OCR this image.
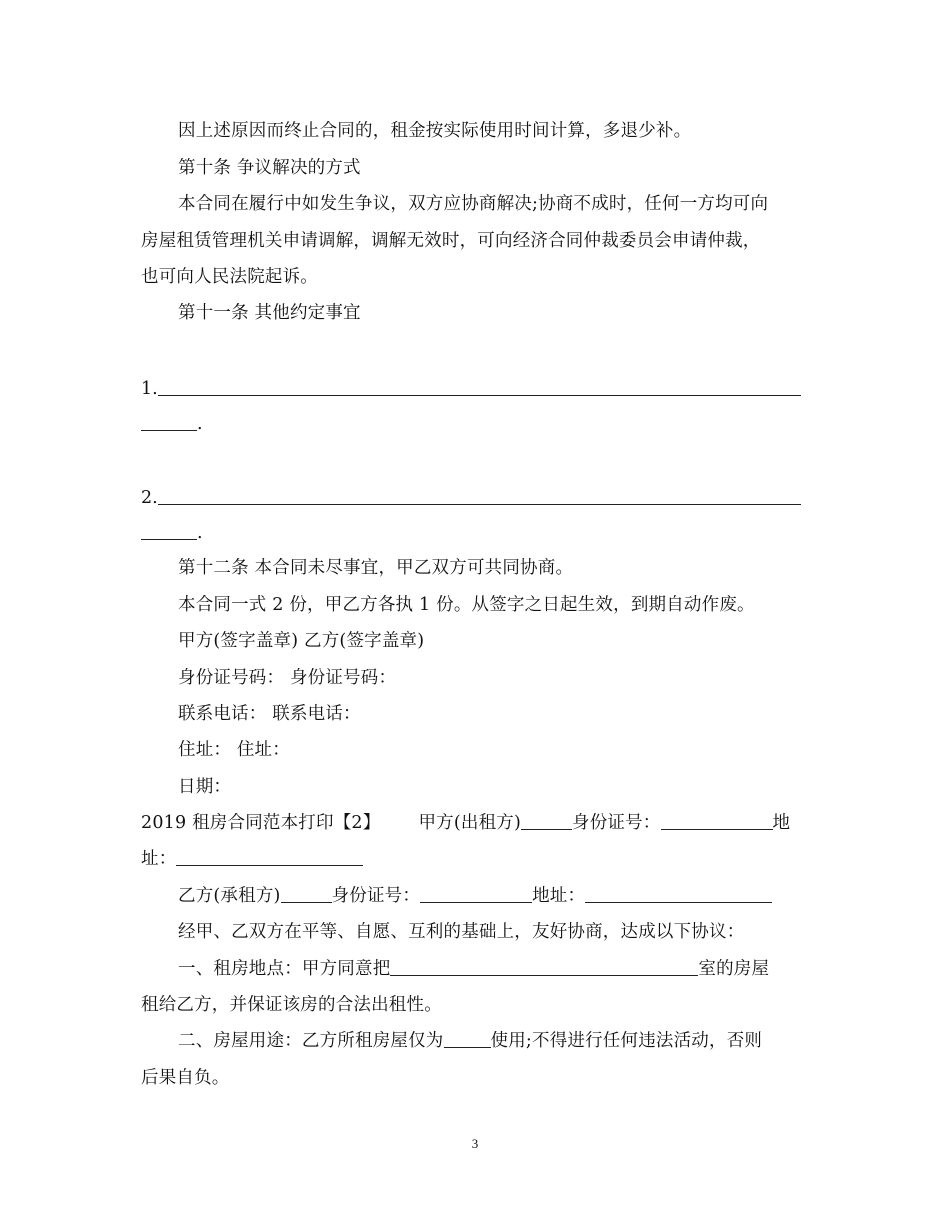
因上述原因而终止合同的，租金按实际使用时间计算，多退少补。
第十条 争议解决的方式
本合同在履行中如发生争议，双方应协商解决;协商不成时，任何一方均可向
房屋租赁管理机关申请调解，调解无效时，可向经济合同仲裁委员会申请仲裁，
也可向人民法院起诉。
第十一条 其他约定事宜
1.
.
2.
.
第十二条 本合同未尽事宜，甲乙双方可共同协商。
本合同一式 2 份，甲乙方各执 1 份。从签字之日起生效，到期自动作废。
甲方(签字盖章) 乙方(签字盖章)
身份证号码： 身份证号码：
联系电话： 联系电话：
住址： 住址：
日期：
2019 租房合同范本打印【2】 甲方(出租方)	身份证号：	地
址：
乙方(承租方)	身份证号：	地址：
经甲、乙双方在平等、自愿、互利的基础上，友好协商，达成以下协议：
一、租房地点：甲方同意把	室的房屋
租给乙方，并保证该房的合法出租性。
二、房屋用途：乙方所租房屋仅为	使用;不得进行任何违法活动，否则
后果自负。
3
